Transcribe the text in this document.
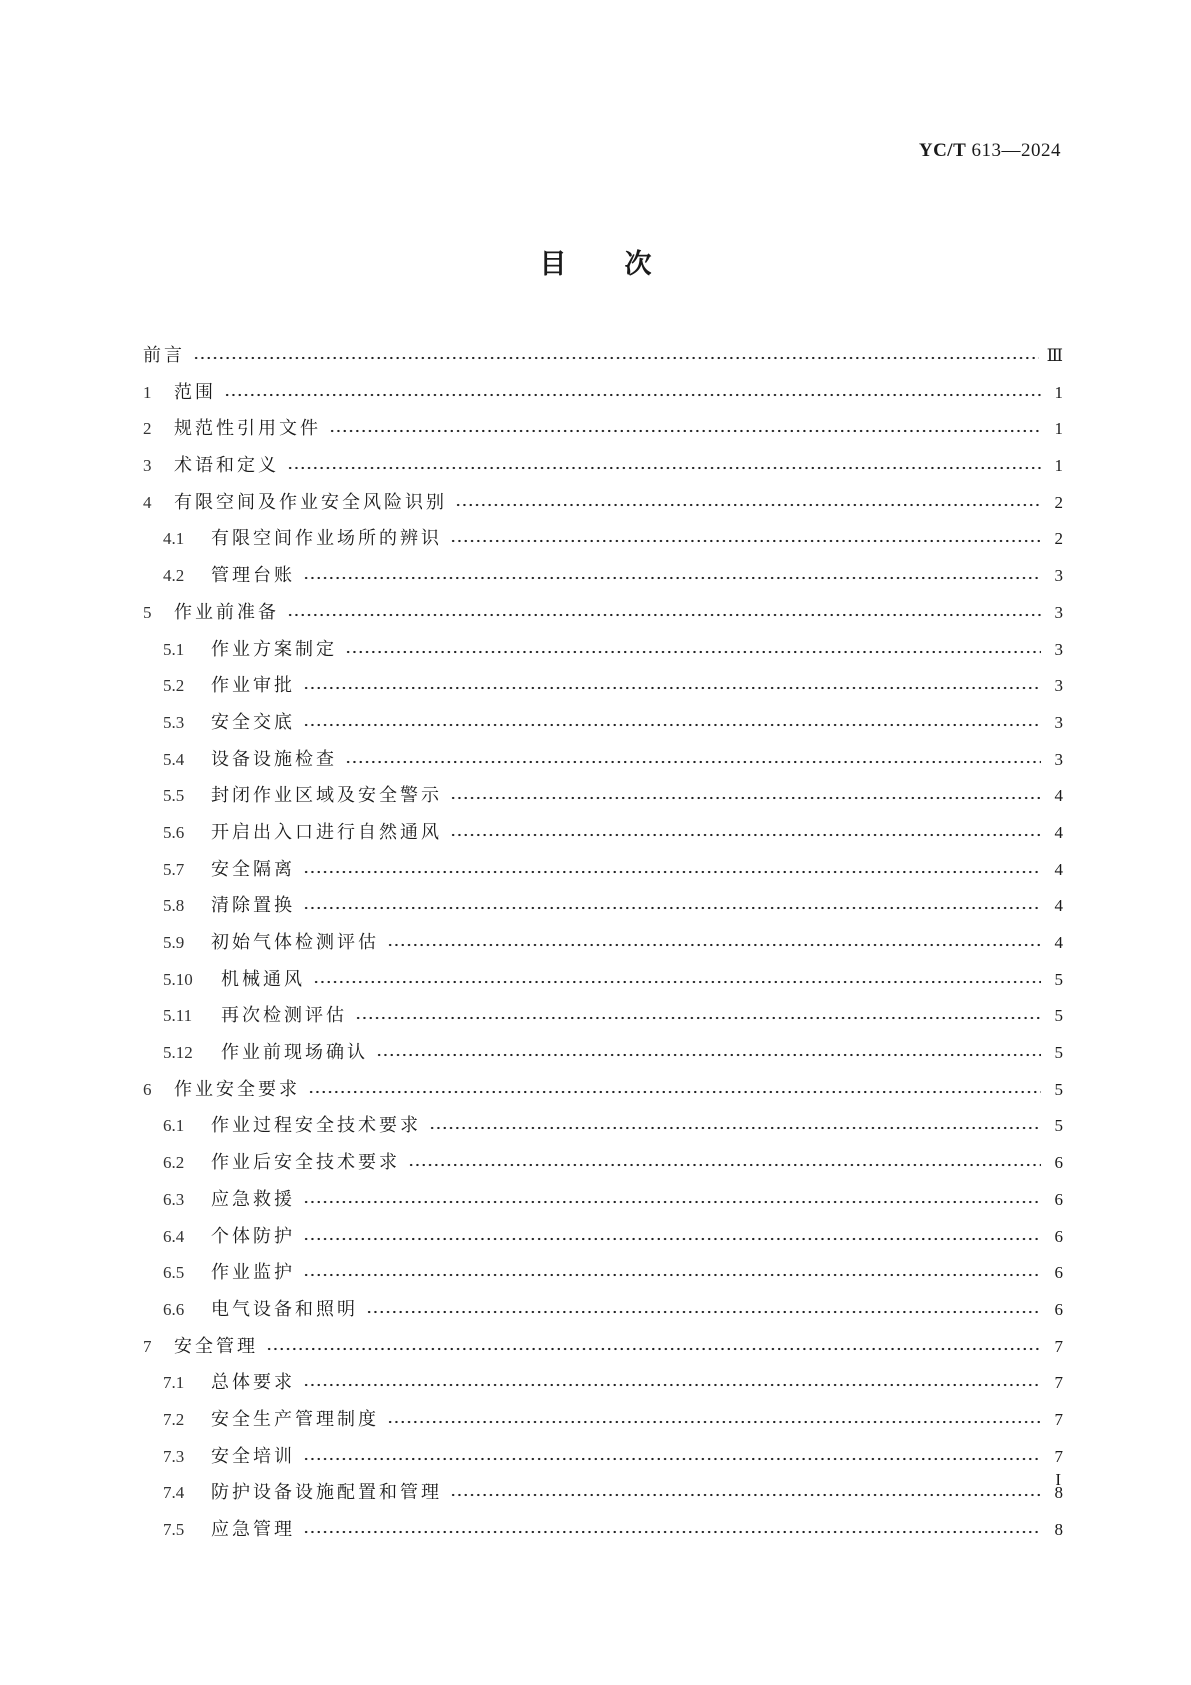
YC/T 613—2024
目次
前言	Ⅲ
1	范围	1
2	规范性引用文件	1
3	术语和定义	1
4	有限空间及作业安全风险识别	2
4.1	有限空间作业场所的辨识	2
4.2	管理台账	3
5	作业前准备	3
5.1	作业方案制定	3
5.2	作业审批	3
5.3	安全交底	3
5.4	设备设施检查	3
5.5	封闭作业区域及安全警示	4
5.6	开启出入口进行自然通风	4
5.7	安全隔离	4
5.8	清除置换	4
5.9	初始气体检测评估	4
5.10	机械通风	5
5.11	再次检测评估	5
5.12	作业前现场确认	5
6	作业安全要求	5
6.1	作业过程安全技术要求	5
6.2	作业后安全技术要求	6
6.3	应急救援	6
6.4	个体防护	6
6.5	作业监护	6
6.6	电气设备和照明	6
7	安全管理	7
7.1	总体要求	7
7.2	安全生产管理制度	7
7.3	安全培训	7
7.4	防护设备设施配置和管理	8
7.5	应急管理	8
I
